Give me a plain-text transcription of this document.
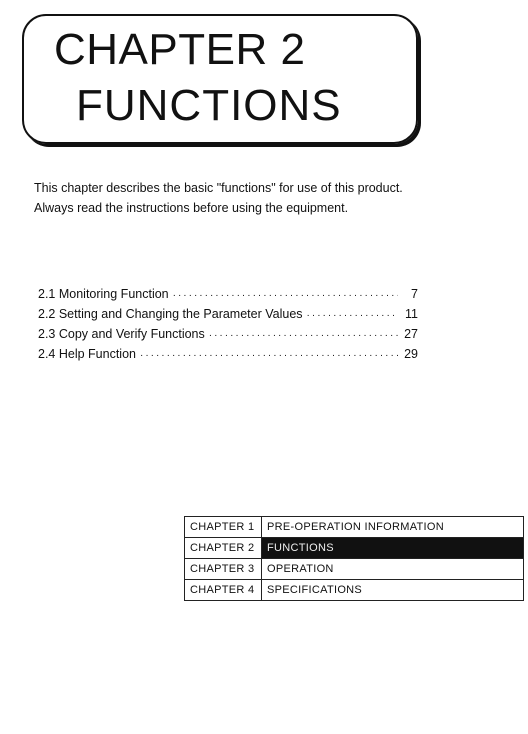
CHAPTER 2
FUNCTIONS

This chapter describes the basic "functions" for use of this product.

Always read the instructions before using the equipment.

2.1 Monitoring Function ·····	7
2.2 Setting and Changing the Parameter Values ·····	11
2.3 Copy and Verify Functions ·····	27
2.4 Help Function ·····	29
CHAPTER 1	PRE-OPERATION INFORMATION
CHAPTER 2	FUNCTIONS
CHAPTER 3	OPERATION
CHAPTER 4	SPECIFICATIONS
